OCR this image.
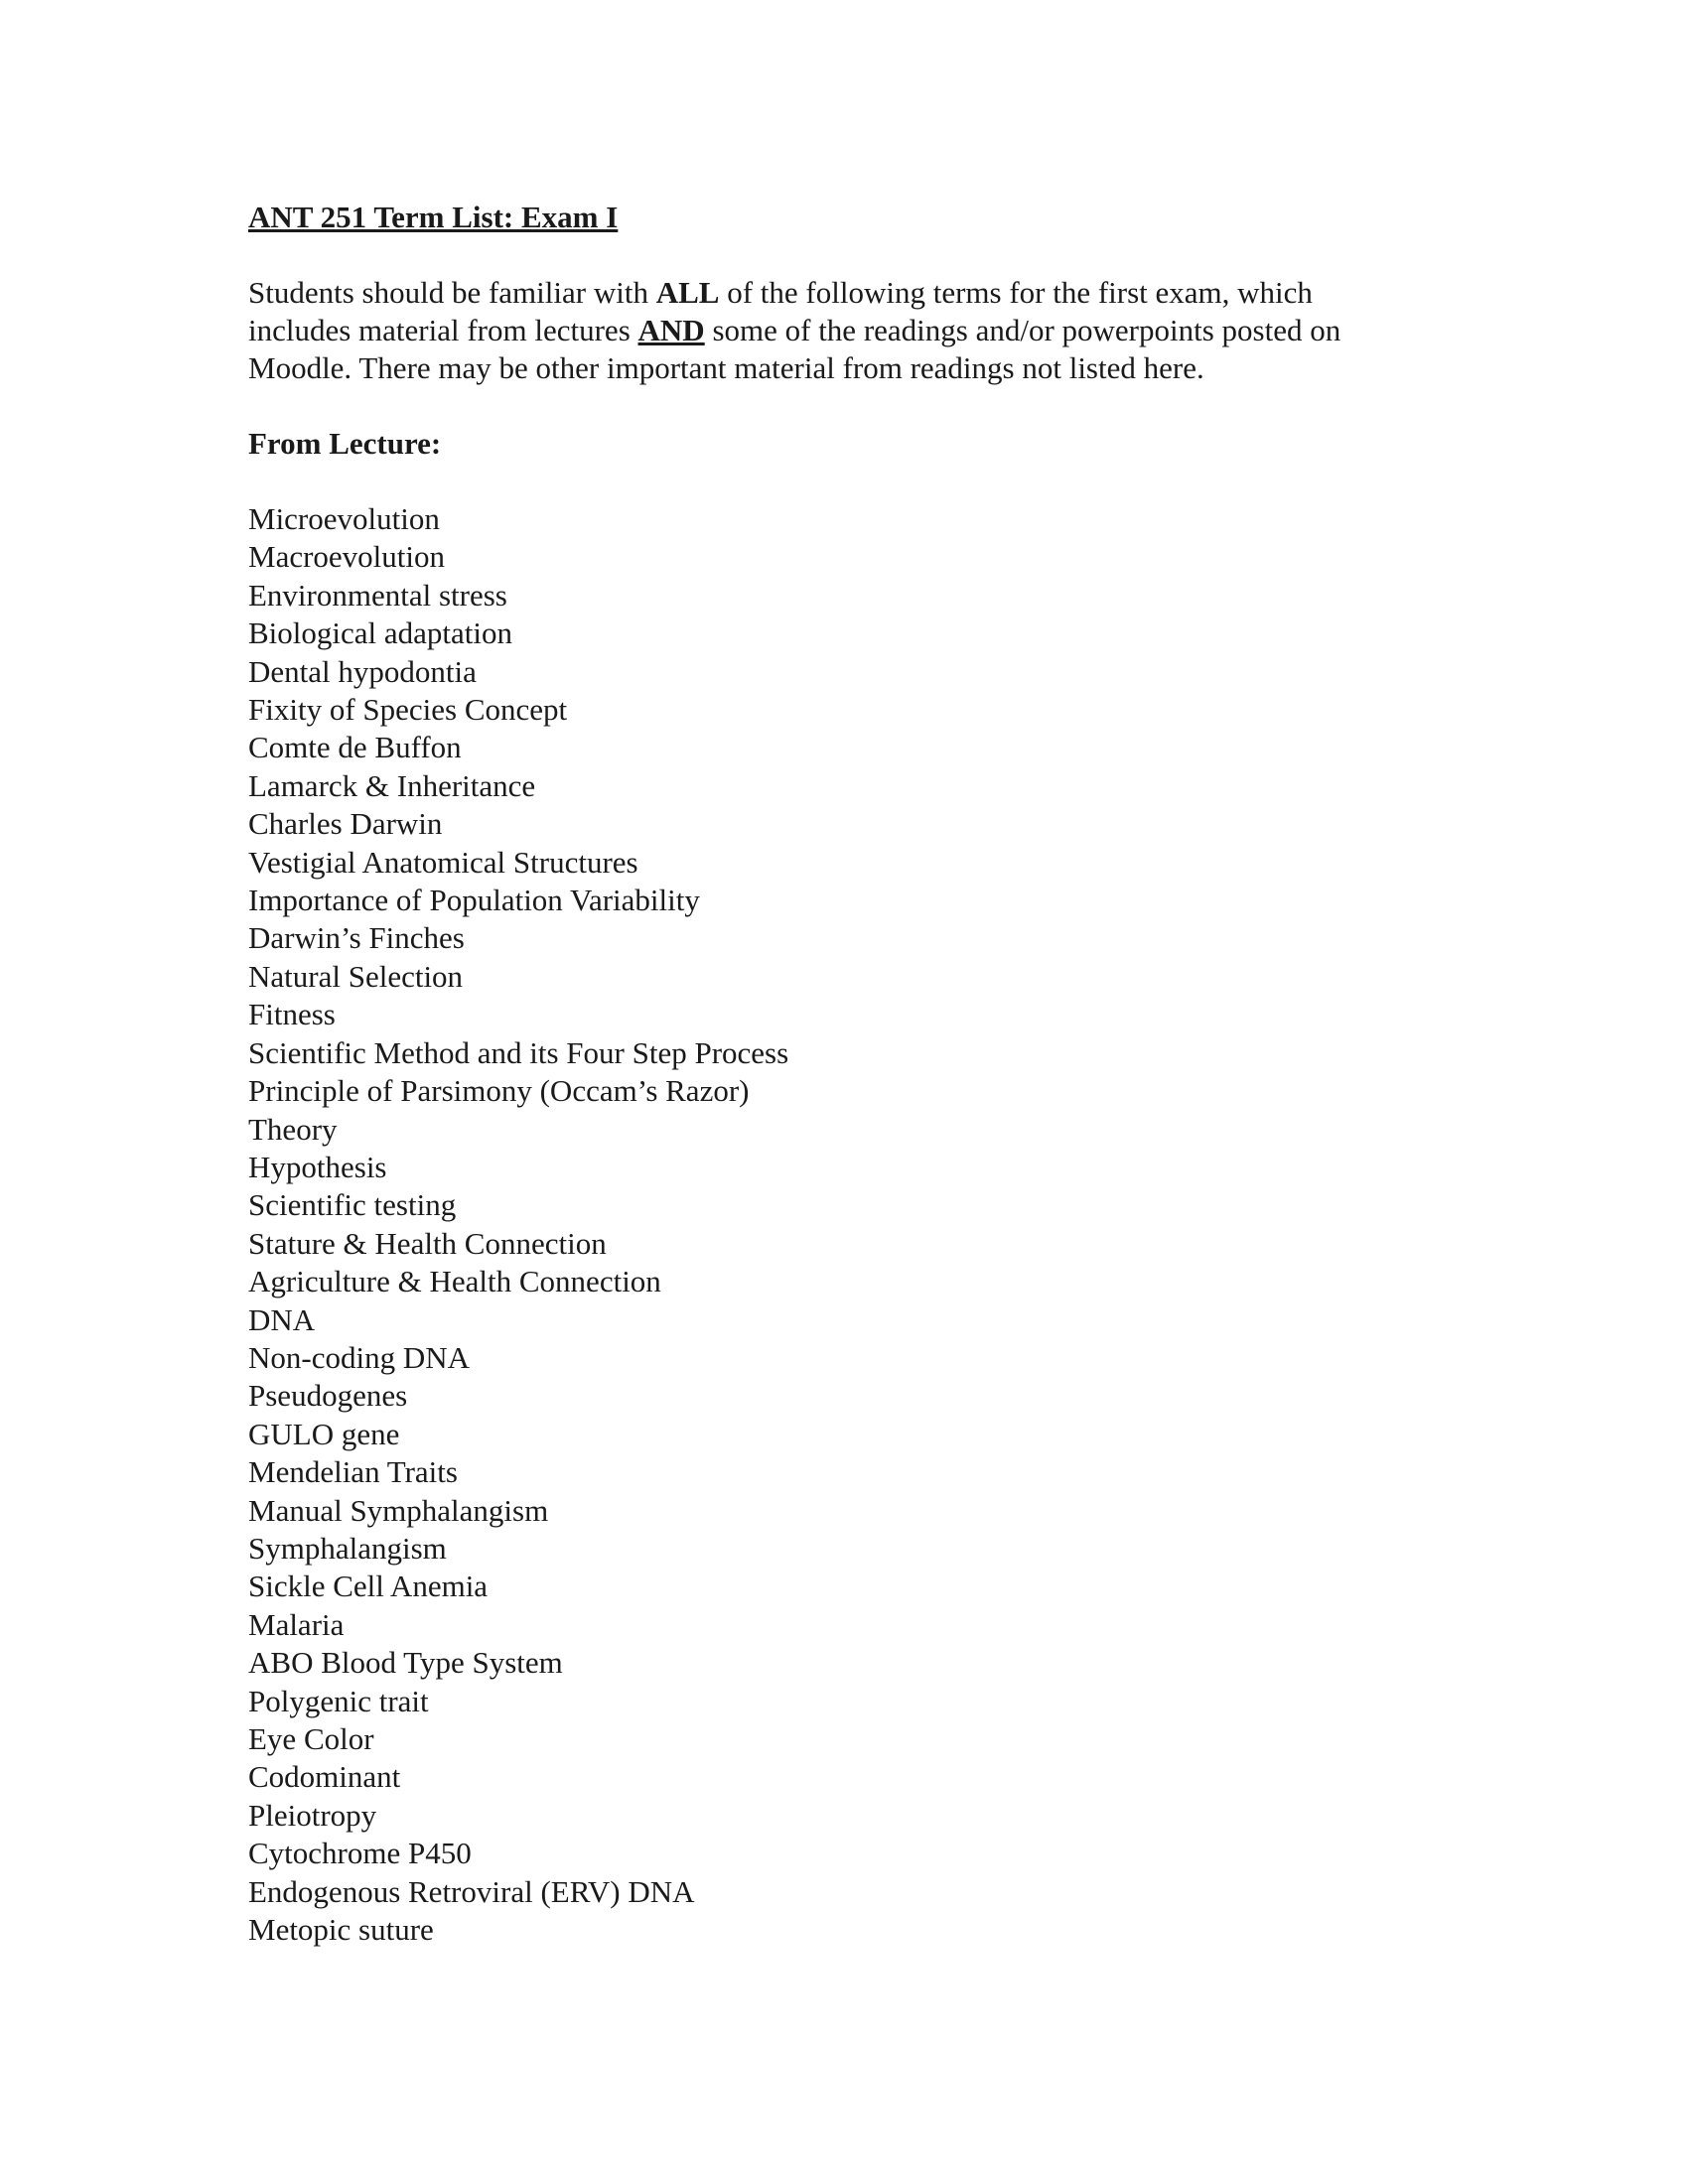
ANT 251 Term List: Exam I

Students should be familiar with ALL of the following terms for the first exam, which
includes material from lectures AND some of the readings and/or powerpoints posted on
Moodle. There may be other important material from readings not listed here.

From Lecture:
Microevolution
Macroevolution
Environmental stress
Biological adaptation
Dental hypodontia
Fixity of Species Concept
Comte de Buffon
Lamarck & Inheritance
Charles Darwin
Vestigial Anatomical Structures
Importance of Population Variability
Darwin’s Finches
Natural Selection
Fitness
Scientific Method and its Four Step Process
Principle of Parsimony (Occam’s Razor)
Theory
Hypothesis
Scientific testing
Stature & Health Connection
Agriculture & Health Connection
DNA
Non-coding DNA
Pseudogenes
GULO gene
Mendelian Traits
Manual Symphalangism
Symphalangism
Sickle Cell Anemia
Malaria
ABO Blood Type System
Polygenic trait
Eye Color
Codominant
Pleiotropy
Cytochrome P450
Endogenous Retroviral (ERV) DNA
Metopic suture
